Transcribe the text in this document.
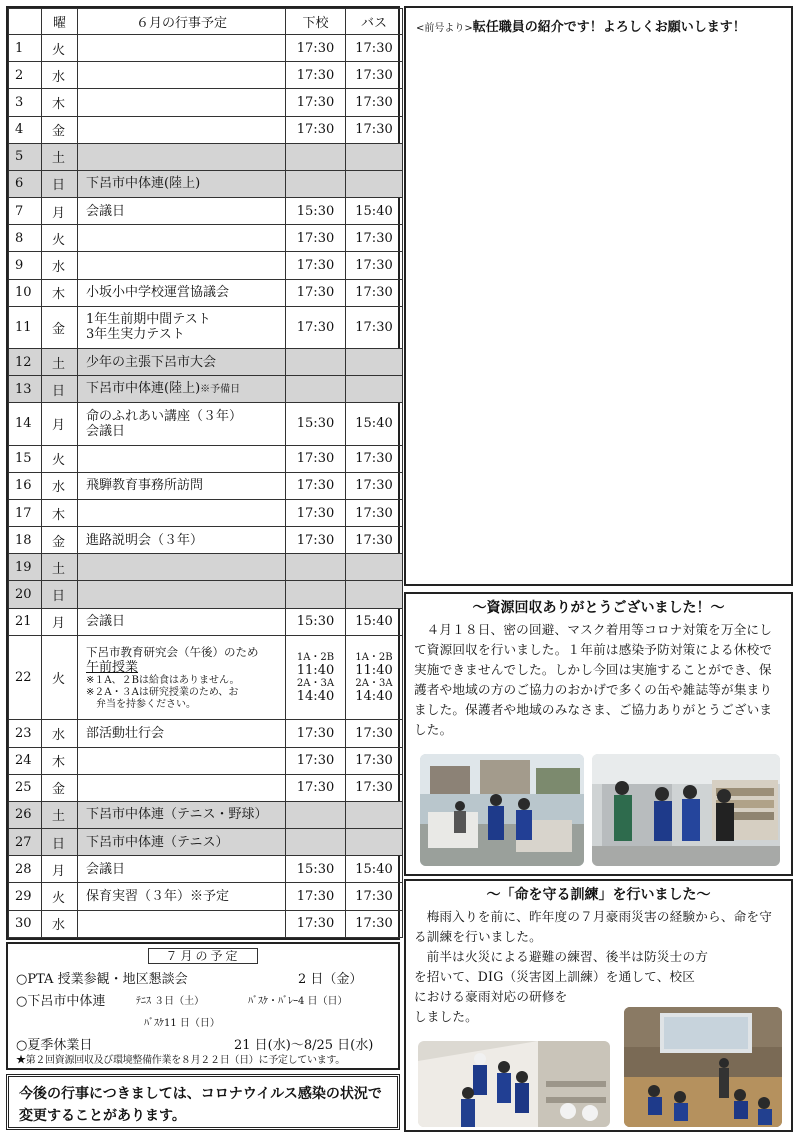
	曜	６月の行事予定	下校	バス
1	火		17:30	17:30
2	水		17:30	17:30
3	木		17:30	17:30
4	金		17:30	17:30
5	土			
6	日	下呂市中体連(陸上)		

7	月	会議日	15:30	15:40
8	火		17:30	17:30
9	水		17:30	17:30
10	木	小坂小中学校運営協議会	17:30	17:30
11	金	1年生前期中間テスト
3年生実力テスト	17:30	17:30
12	土	少年の主張下呂市大会		

13	日	下呂市中体連(陸上)※予備日		
14	月	命のふれあい講座（３年）
会議日	15:30	15:40
15	火		17:30	17:30
16	水	飛騨教育事務所訪問	17:30	17:30
17	木		17:30	17:30
18	金	進路説明会（３年）	17:30	17:30
19	土			
20	日			
21	月	会議日	15:30	15:40
22	火	下呂市教育研究会（午後）のため
午前授業
※１A、２Bは給食はありません。
※２A・３Aは研究授業のため、お
　弁当を持参ください。	1A・2B
11:40
2A・3A
14:40	1A・2B
11:40
2A・3A
14:40

23	水	部活動壮行会	17:30	17:30
24	木		17:30	17:30
25	金		17:30	17:30
26	土	下呂市中体連（テニス・野球）		

27	日	下呂市中体連（テニス）		

28	月	会議日	15:30	15:40
29	火	保育実習（３年）※予定	17:30	17:30
30	水		17:30	17:30
７月の予定
○PTA 授業参観・地区懇談会	2 日（金）
○下呂市中体連	ﾃﾆｽ ３日（土）	ﾊﾞｽｹ・ﾊﾞﾚｰ4 日（日）
ﾊﾞｽｹ11 日（日）
○夏季休業日	21 日(水)～8/25 日(水)
★第２回資源回収及び環境整備作業を８月２２日（日）に予定しています。
今後の行事につきましては、コロナウイルス感染の状況で変更することがあります。
<前号より>転任職員の紹介です！よろしくお願いします！
～資源回収ありがとうございました！～

４月１８日、密の回避、マスク着用等コロナ対策を万全にして資源回収を行いました。１年前は感染予防対策による休校で実施できませんでした。しかし今回は実施することができ、保護者や地域の方のご協力のおかげで多くの缶や雑誌等が集まりました。保護者や地域のみなさま、ご協力ありがとうございました。

～「命を守る訓練」を行いました～

梅雨入りを前に、昨年度の７月豪雨災害の経験から、命を守る訓練を行いました。

前半は火災による避難の練習、後半は防災士の方
を招いて、DIG（災害図上訓練）を通して、校区
における豪雨対応の研修を
しました。
